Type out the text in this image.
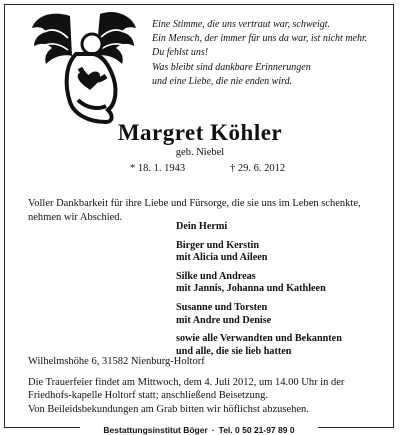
Eine Stimme, die uns vertraut war, schweigt.
Ein Mensch, der immer für uns da war, ist nicht mehr.
Du fehlst uns!
Was bleibt sind dankbare Erinnerungen
und eine Liebe, die nie enden wird.
Margret Köhler
geb. Niebel
* 18. 1. 1943	† 29. 6. 2012
Voller Dankbarkeit für ihre Liebe und Fürsorge, die sie uns im Leben schenkte, nehmen wir Abschied.
Dein Hermi
Birger und Kerstin
mit Alicia und Aileen
Silke und Andreas
mit Jannis, Johanna und Kathleen
Susanne und Torsten
mit Andre und Denise
sowie alle Verwandten und Bekannten
und alle, die sie lieb hatten
Wilhelmshöhe 6, 31582 Nienburg-Holtorf
Die Trauerfeier findet am Mittwoch, dem 4. Juli 2012, um 14.00 Uhr in der Friedhofs-kapelle Holtorf statt; anschließend Beisetzung.
Von Beileidsbekundungen am Grab bitten wir höflichst abzusehen.
Bestattungsinstitut Böger · Tel. 0 50 21-97 89 0
